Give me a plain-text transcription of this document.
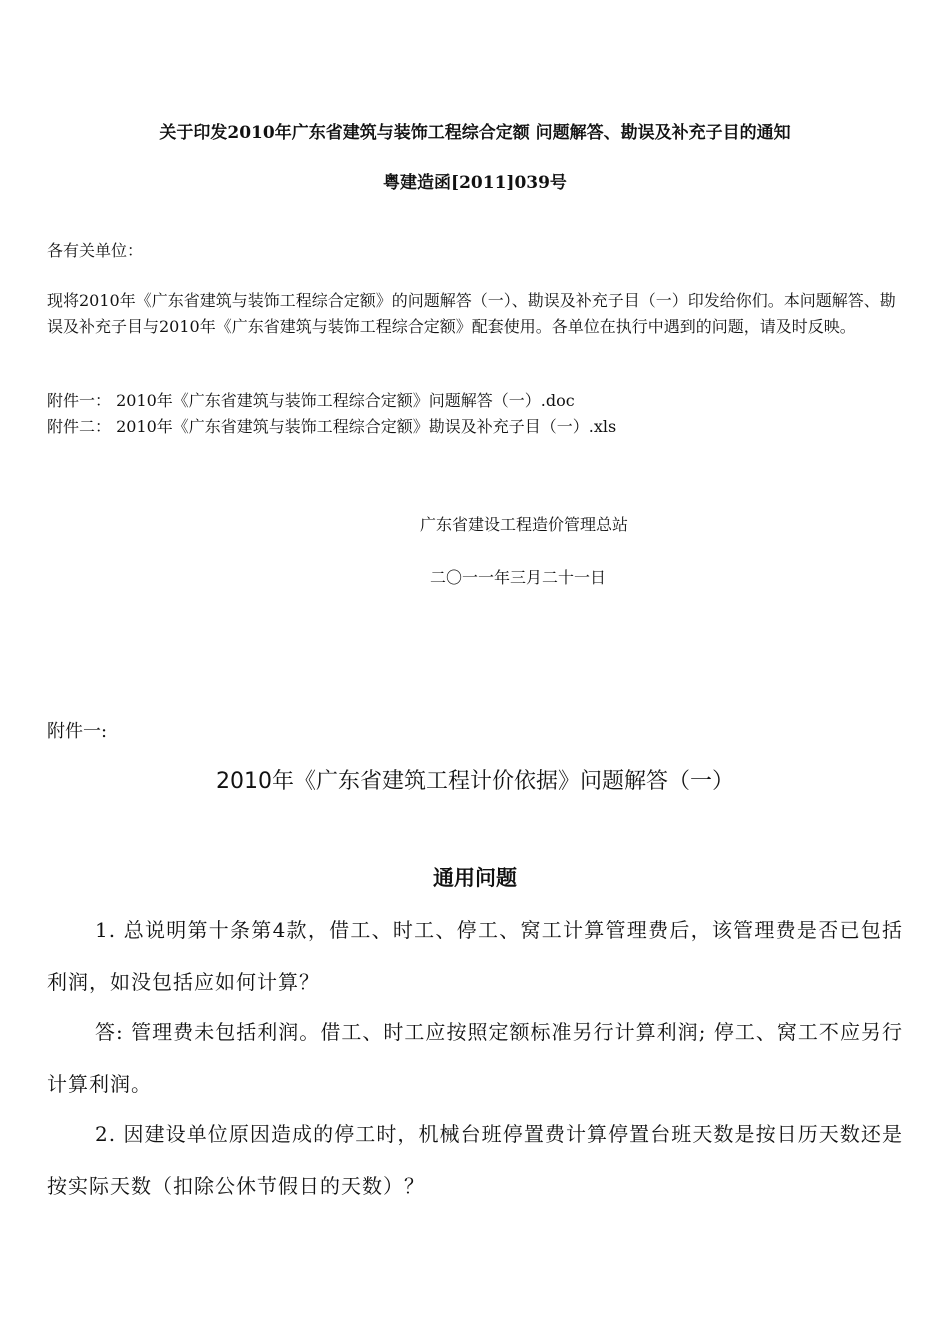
关于印发2010年广东省建筑与装饰工程综合定额 问题解答、勘误及补充子目的通知
粤建造函[2011]039号
各有关单位：
现将2010年《广东省建筑与装饰工程综合定额》的问题解答（一）、勘误及补充子目（一）印发给你们。本问题解答、勘误及补充子目与2010年《广东省建筑与装饰工程综合定额》配套使用。各单位在执行中遇到的问题，请及时反映。
附件一： 2010年《广东省建筑与装饰工程综合定额》问题解答（一）.doc
附件二： 2010年《广东省建筑与装饰工程综合定额》勘误及补充子目（一）.xls
广东省建设工程造价管理总站
二〇一一年三月二十一日
附件一:
2010年《广东省建筑工程计价依据》问题解答（一）
通用问题
1. 总说明第十条第4款，借工、时工、停工、窝工计算管理费后，该管理费是否已包括利润，如没包括应如何计算？
答: 管理费未包括利润。借工、时工应按照定额标准另行计算利润; 停工、窝工不应另行计算利润。
2. 因建设单位原因造成的停工时，机械台班停置费计算停置台班天数是按日历天数还是按实际天数（扣除公休节假日的天数）？
